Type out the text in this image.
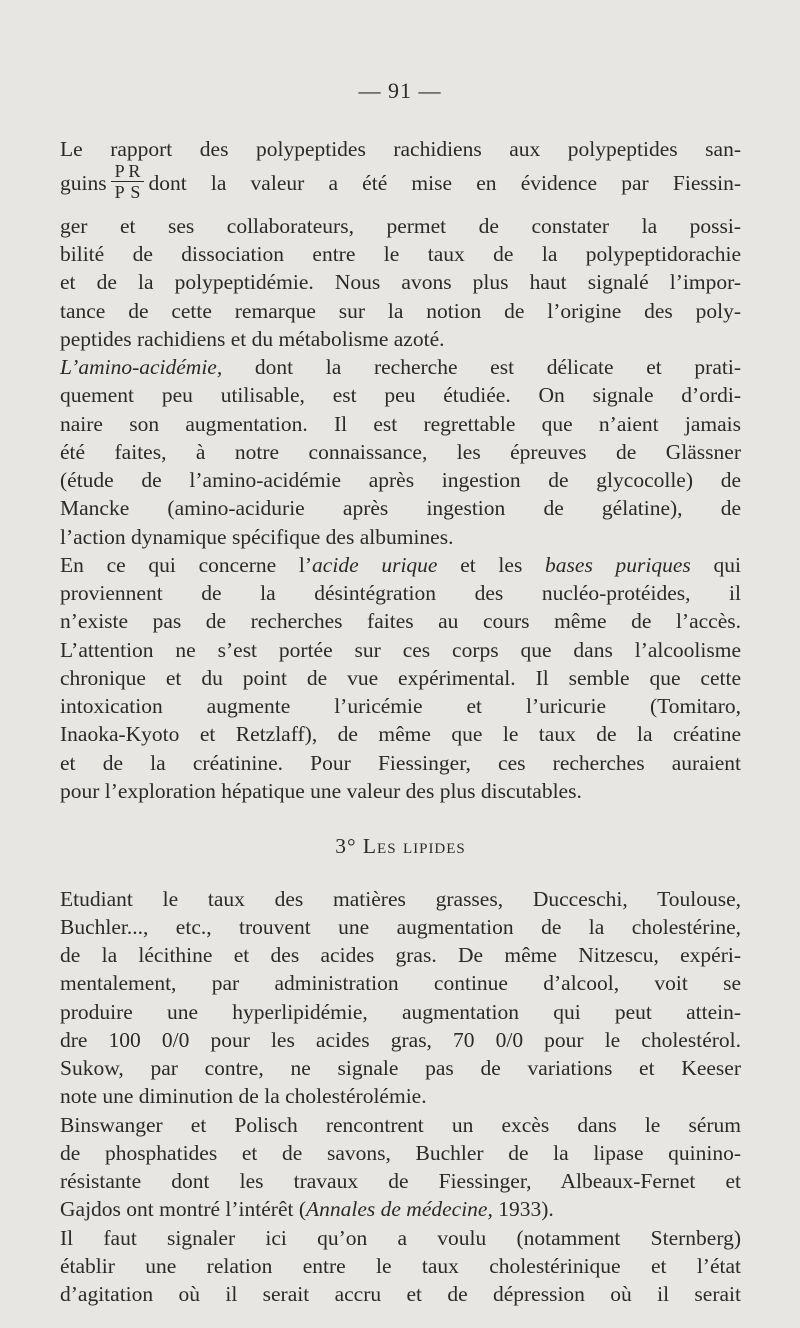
— 91 —
Le rapport des polypeptides rachidiens aux polypeptides san-
guins $\frac{\text{P R}}{\text{P S}}$ dont la valeur a été mise en évidence par Fiessin-
ger et ses collaborateurs, permet de constater la possi-
bilité de dissociation entre le taux de la polypeptidorachie
et de la polypeptidémie. Nous avons plus haut signalé l’impor-
tance de cette remarque sur la notion de l’origine des poly-
peptides rachidiens et du métabolisme azoté.
L’amino-acidémie, dont la recherche est délicate et prati-
quement peu utilisable, est peu étudiée. On signale d’ordi-
naire son augmentation. Il est regrettable que n’aient jamais
été faites, à notre connaissance, les épreuves de Glässner
(étude de l’amino-acidémie après ingestion de glycocolle) de
Mancke (amino-acidurie après ingestion de gélatine), de
l’action dynamique spécifique des albumines.
En ce qui concerne l’acide urique et les bases puriques qui
proviennent de la désintégration des nucléo-protéides, il
n’existe pas de recherches faites au cours même de l’accès.
L’attention ne s’est portée sur ces corps que dans l’alcoolisme
chronique et du point de vue expérimental. Il semble que cette
intoxication augmente l’uricémie et l’uricurie (Tomitaro,
Inaoka-Kyoto et Retzlaff), de même que le taux de la créatine
et de la créatinine. Pour Fiessinger, ces recherches auraient
pour l’exploration hépatique une valeur des plus discutables.
3° Les lipides
Etudiant le taux des matières grasses, Ducceschi, Toulouse,
Buchler..., etc., trouvent une augmentation de la cholestérine,
de la lécithine et des acides gras. De même Nitzescu, expéri-
mentalement, par administration continue d’alcool, voit se
produire une hyperlipidémie, augmentation qui peut attein-
dre 100 0/0 pour les acides gras, 70 0/0 pour le cholestérol.
Sukow, par contre, ne signale pas de variations et Keeser
note une diminution de la cholestérolémie.
Binswanger et Polisch rencontrent un excès dans le sérum
de phosphatides et de savons, Buchler de la lipase quinino-
résistante dont les travaux de Fiessinger, Albeaux-Fernet et
Gajdos ont montré l’intérêt (Annales de médecine, 1933).
Il faut signaler ici qu’on a voulu (notamment Sternberg)
établir une relation entre le taux cholestérinique et l’état
d’agitation où il serait accru et de dépression où il serait
